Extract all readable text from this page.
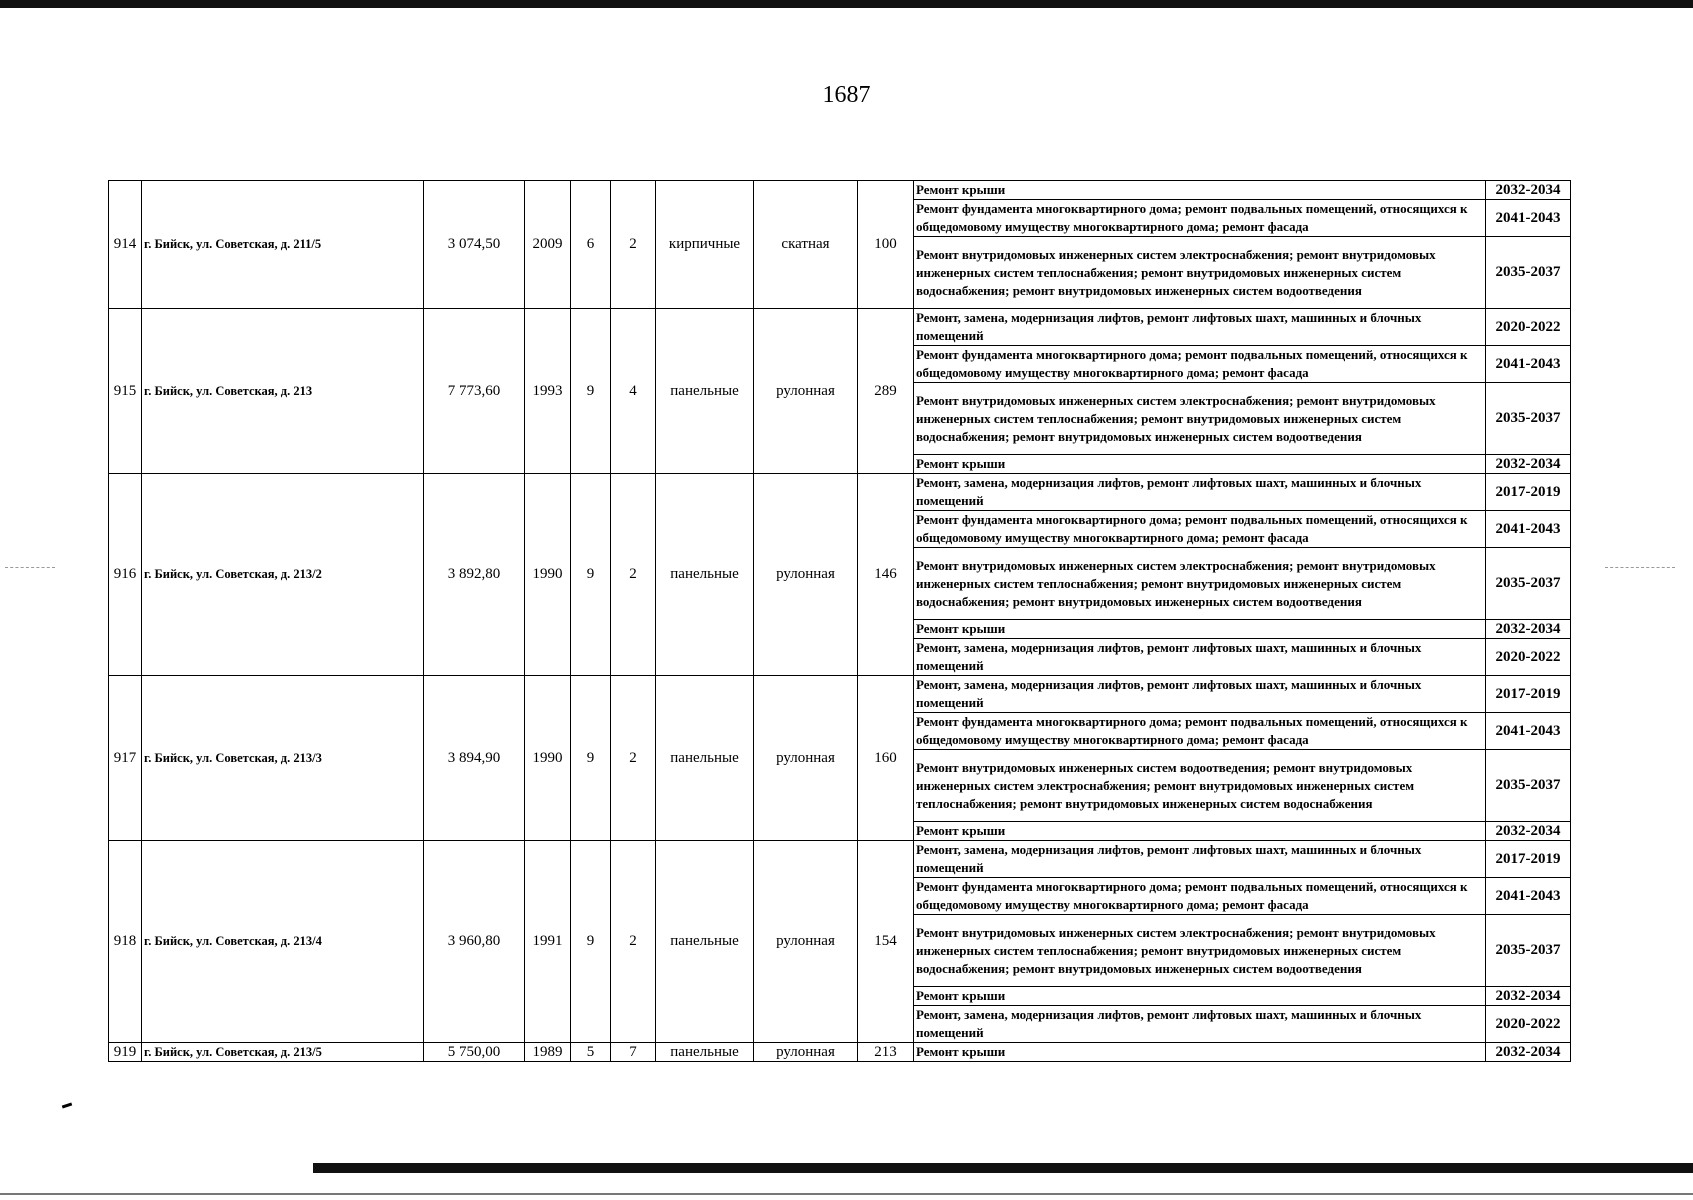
1687
914	г. Бийск, ул. Советская, д. 211/5	3 074,50	2009	6	2	кирпичные	скатная	100	Ремонт крыши	2032-2034
									Ремонт фундамента многоквартирного дома; ремонт подвальных помещений, относящихся к общедомовому имуществу многоквартирного дома; ремонт фасада	2041-2043
									Ремонт внутридомовых инженерных систем электроснабжения; ремонт внутридомовых инженерных систем теплоснабжения; ремонт внутридомовых инженерных систем водоснабжения; ремонт внутридомовых инженерных систем водоотведения	2035-2037
915	г. Бийск, ул. Советская, д. 213	7 773,60	1993	9	4	панельные	рулонная	289	Ремонт, замена, модернизация лифтов, ремонт лифтовых шахт, машинных и блочных помещений	2020-2022
									Ремонт фундамента многоквартирного дома; ремонт подвальных помещений, относящихся к общедомовому имуществу многоквартирного дома; ремонт фасада	2041-2043
									Ремонт внутридомовых инженерных систем электроснабжения; ремонт внутридомовых инженерных систем теплоснабжения; ремонт внутридомовых инженерных систем водоснабжения; ремонт внутридомовых инженерных систем водоотведения	2035-2037
									Ремонт крыши	2032-2034
916	г. Бийск, ул. Советская, д. 213/2	3 892,80	1990	9	2	панельные	рулонная	146	Ремонт, замена, модернизация лифтов, ремонт лифтовых шахт, машинных и блочных помещений	2017-2019
									Ремонт фундамента многоквартирного дома; ремонт подвальных помещений, относящихся к общедомовому имуществу многоквартирного дома; ремонт фасада	2041-2043
									Ремонт внутридомовых инженерных систем электроснабжения; ремонт внутридомовых инженерных систем теплоснабжения; ремонт внутридомовых инженерных систем водоснабжения; ремонт внутридомовых инженерных систем водоотведения	2035-2037
									Ремонт крыши	2032-2034
									Ремонт, замена, модернизация лифтов, ремонт лифтовых шахт, машинных и блочных помещений	2020-2022
917	г. Бийск, ул. Советская, д. 213/3	3 894,90	1990	9	2	панельные	рулонная	160	Ремонт, замена, модернизация лифтов, ремонт лифтовых шахт, машинных и блочных помещений	2017-2019
									Ремонт фундамента многоквартирного дома; ремонт подвальных помещений, относящихся к общедомовому имуществу многоквартирного дома; ремонт фасада	2041-2043
									Ремонт внутридомовых инженерных систем водоотведения; ремонт внутридомовых инженерных систем электроснабжения; ремонт внутридомовых инженерных систем теплоснабжения; ремонт внутридомовых инженерных систем водоснабжения	2035-2037
									Ремонт крыши	2032-2034
918	г. Бийск, ул. Советская, д. 213/4	3 960,80	1991	9	2	панельные	рулонная	154	Ремонт, замена, модернизация лифтов, ремонт лифтовых шахт, машинных и блочных помещений	2017-2019
									Ремонт фундамента многоквартирного дома; ремонт подвальных помещений, относящихся к общедомовому имуществу многоквартирного дома; ремонт фасада	2041-2043
									Ремонт внутридомовых инженерных систем электроснабжения; ремонт внутридомовых инженерных систем теплоснабжения; ремонт внутридомовых инженерных систем водоснабжения; ремонт внутридомовых инженерных систем водоотведения	2035-2037
									Ремонт крыши	2032-2034
									Ремонт, замена, модернизация лифтов, ремонт лифтовых шахт, машинных и блочных помещений	2020-2022
919	г. Бийск, ул. Советская, д. 213/5	5 750,00	1989	5	7	панельные	рулонная	213	Ремонт крыши	2032-2034
